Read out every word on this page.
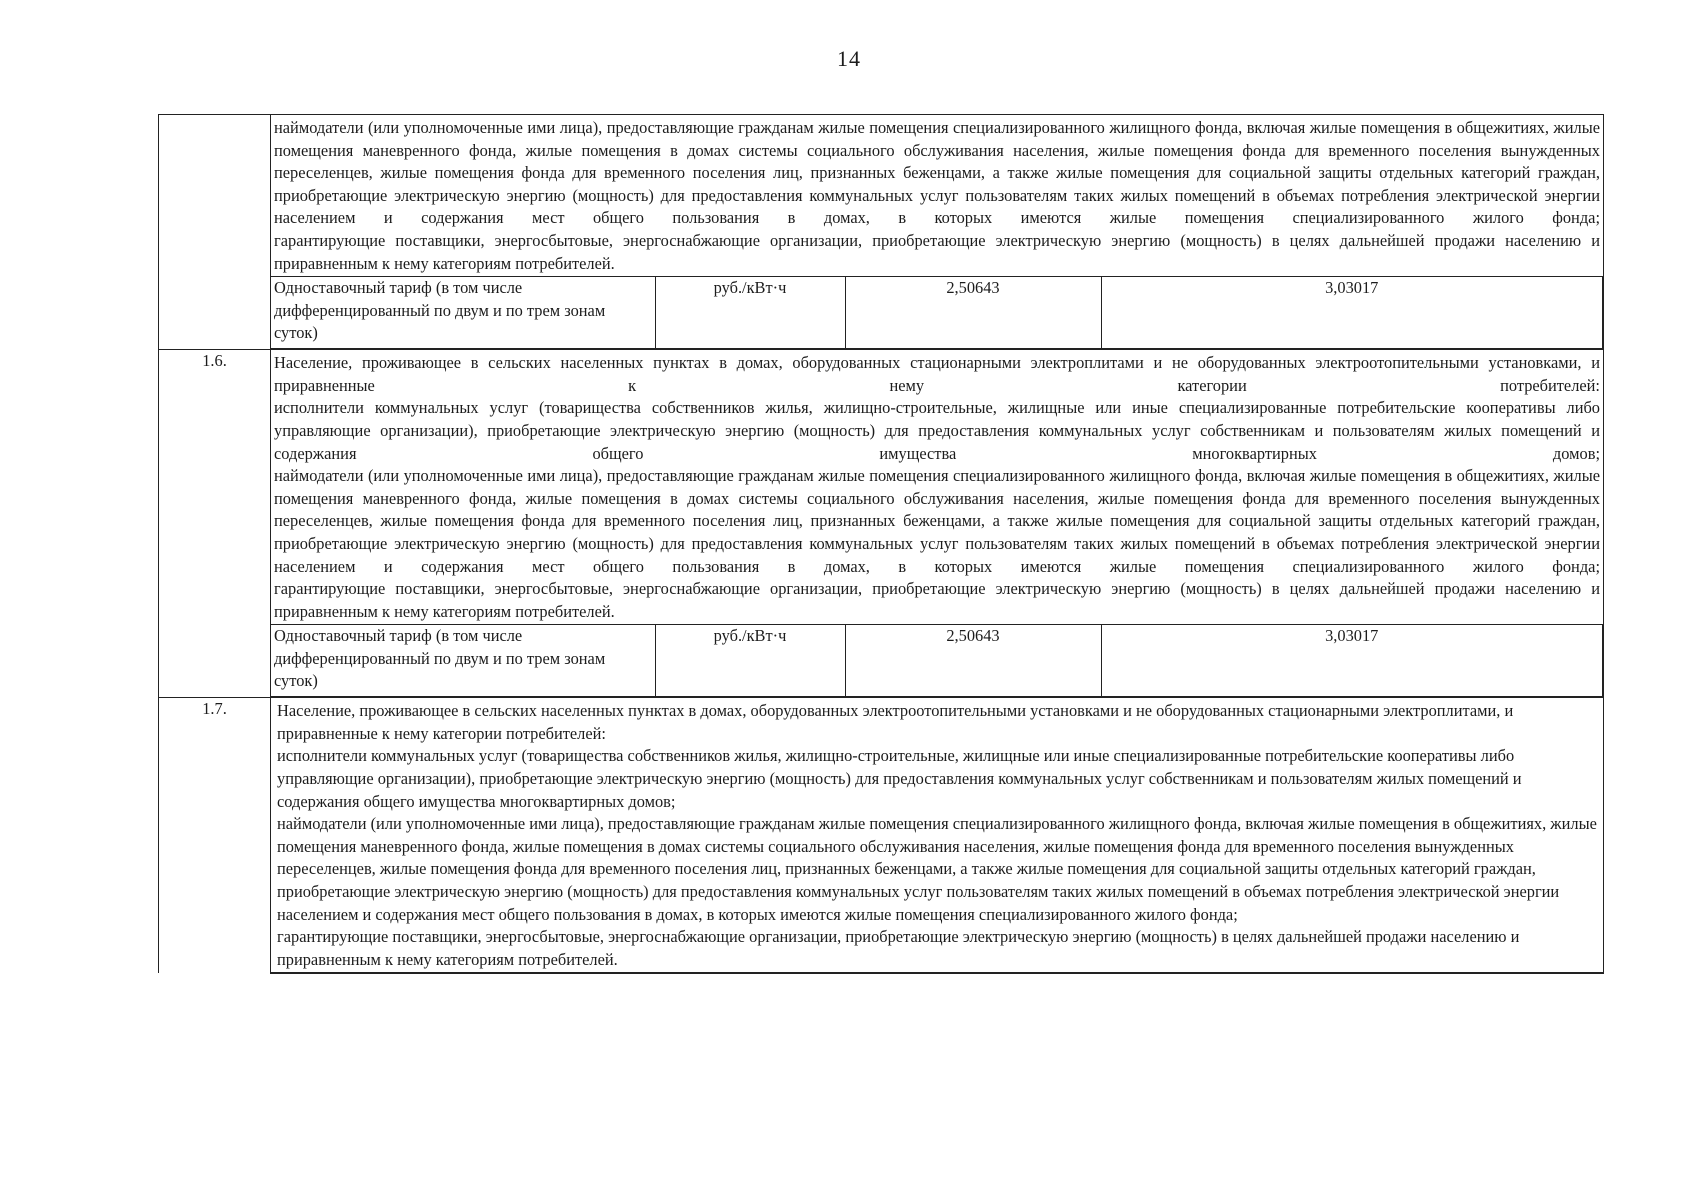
14

наймодатели (или уполномоченные ими лица), предоставляющие гражданам жилые помещения специализированного жилищного фонда, включая жилые помещения в общежитиях, жилые помещения маневренного фонда, жилые помещения в домах системы социального обслуживания населения, жилые помещения фонда для временного поселения вынужденных переселенцев, жилые помещения фонда для временного поселения лиц, признанных беженцами, а также жилые помещения для социальной защиты отдельных категорий граждан, приобретающие электрическую энергию (мощность) для предоставления коммунальных услуг пользователям таких жилых помещений в объемах потребления электрической энергии населением и содержания мест общего пользования в домах, в которых имеются жилые помещения специализированного жилого фонда;
гарантирующие поставщики, энергосбытовые, энергоснабжающие организации, приобретающие электрическую энергию (мощность) в целях дальнейшей продажи населению и приравненным к нему категориям потребителей.
Одноставочный тариф (в том числе дифференцированный по двум и по трем зонам суток)	руб./кВт·ч	2,50643	3,03017

1.6.	Население, проживающее в сельских населенных пунктах в домах, оборудованных стационарными электроплитами и не оборудованных электроотопительными установками, и приравненные к нему категории потребителей:
исполнители коммунальных услуг (товарищества собственников жилья, жилищно-строительные, жилищные или иные специализированные потребительские кооперативы либо управляющие организации), приобретающие электрическую энергию (мощность) для предоставления коммунальных услуг собственникам и пользователям жилых помещений и содержания общего имущества многоквартирных домов;
наймодатели (или уполномоченные ими лица), предоставляющие гражданам жилые помещения специализированного жилищного фонда, включая жилые помещения в общежитиях, жилые помещения маневренного фонда, жилые помещения в домах системы социального обслуживания населения, жилые помещения фонда для временного поселения вынужденных переселенцев, жилые помещения фонда для временного поселения лиц, признанных беженцами, а также жилые помещения для социальной защиты отдельных категорий граждан, приобретающие электрическую энергию (мощность) для предоставления коммунальных услуг пользователям таких жилых помещений в объемах потребления электрической энергии населением и содержания мест общего пользования в домах, в которых имеются жилые помещения специализированного жилого фонда;
гарантирующие поставщики, энергосбытовые, энергоснабжающие организации, приобретающие электрическую энергию (мощность) в целях дальнейшей продажи населению и приравненным к нему категориям потребителей.
Одноставочный тариф (в том числе дифференцированный по двум и по трем зонам суток)	руб./кВт·ч	2,50643	3,03017

1.7.	Население, проживающее в сельских населенных пунктах в домах, оборудованных электроотопительными установками и не оборудованных стационарными электроплитами, и приравненные к нему категории потребителей:
исполнители коммунальных услуг (товарищества собственников жилья, жилищно-строительные, жилищные или иные специализированные потребительские кооперативы либо управляющие организации), приобретающие электрическую энергию (мощность) для предоставления коммунальных услуг собственникам и пользователям жилых помещений и содержания общего имущества многоквартирных домов;
наймодатели (или уполномоченные ими лица), предоставляющие гражданам жилые помещения специализированного жилищного фонда, включая жилые помещения в общежитиях, жилые помещения маневренного фонда, жилые помещения в домах системы социального обслуживания населения, жилые помещения фонда для временного поселения вынужденных переселенцев, жилые помещения фонда для временного поселения лиц, признанных беженцами, а также жилые помещения для социальной защиты отдельных категорий граждан, приобретающие электрическую энергию (мощность) для предоставления коммунальных услуг пользователям таких жилых помещений в объемах потребления электрической энергии населением и содержания мест общего пользования в домах, в которых имеются жилые помещения специализированного жилого фонда;
гарантирующие поставщики, энергосбытовые, энергоснабжающие организации, приобретающие электрическую энергию (мощность) в целях дальнейшей продажи населению и приравненным к нему категориям потребителей.
